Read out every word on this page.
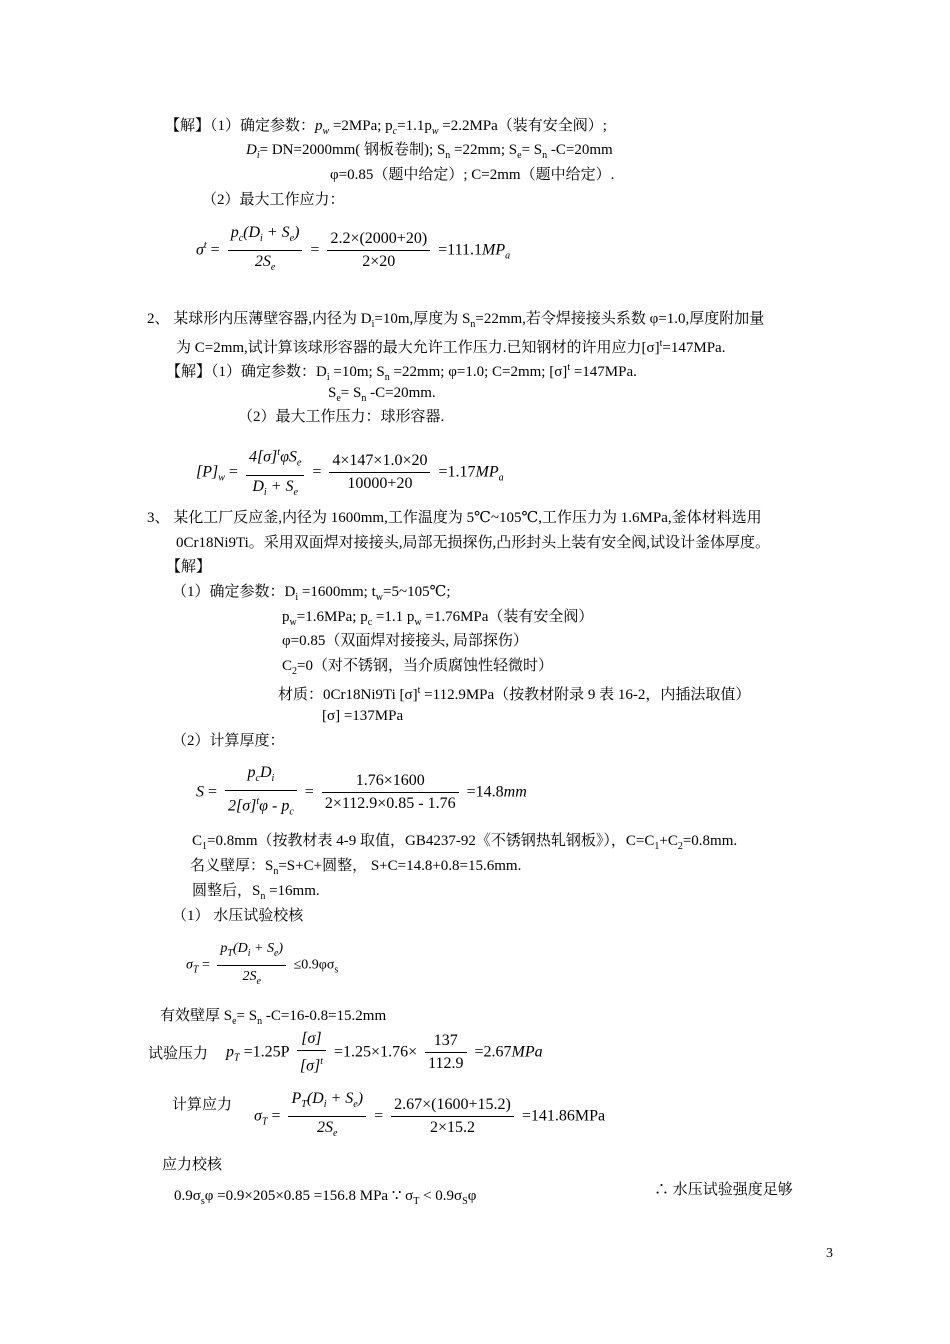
【解】（1）确定参数：$p_w =2MPa$; $p_c=1.1p_w =2.2MPa$（装有安全阀）;
$D_i= DN=2000mm$( 钢板卷制); $S_n =22mm$; $S_e= S_n$ -C=20mm
φ=0.85（题中给定）; C=2mm（题中给定）.
（2）最大工作应力：
$\sigma^t = \frac{p_c(D_i + S_e)}{2S_e} = \frac{2.2\times(2000+20)}{2\times 20} =111.1MP_a$
2、 某球形内压薄壁容器,内径为 $D_i=10m$,厚度为 $S_n=22mm$,若令焊接接头系数 φ=1.0,厚度附加量
为 C=2mm,试计算该球形容器的最大允许工作压力.已知钢材的许用应力$[\sigma]^t=147MPa$.
【解】（1）确定参数：$D_i =10m$; $S_n =22mm$; φ=1.0; C=2mm; $[\sigma]^t =147MPa$.
$S_e= S_n$ -C=20mm.
（2）最大工作压力：球形容器.
$[P]_w = \frac{4[\sigma]^t\varphi S_e}{D_i + S_e} = \frac{4\times 147\times 1.0\times 20}{10000+20} =1.17MP_a$
3、 某化工厂反应釜,内径为 1600mm,工作温度为 5℃~105℃,工作压力为 1.6MPa,釜体材料选用
0Cr18Ni9Ti。采用双面焊对接接头,局部无损探伤,凸形封头上装有安全阀,试设计釜体厚度。
【解】
（1）确定参数：$D_i =1600mm$; $t_w=5\sim 105℃$;
$p_w=1.6MPa$; $p_c =1.1$ $p_w =1.76MPa$（装有安全阀）
φ=0.85（双面焊对接接头, 局部探伤）
$C_2=0$（对不锈钢，当介质腐蚀性轻微时）
材质：0Cr18Ni9Ti $[\sigma]^t =112.9MPa$（按教材附录 9 表 16-2，内插法取值）
[σ] =137MPa
（2）计算厚度：
$S = \frac{p_cD_i}{2[\sigma]^t\varphi - p_c} = \frac{1.76\times 1600}{2\times 112.9\times 0.85 - 1.76} =14.8mm$
$C_1=0.8mm$（按教材表 4-9 取值，GB4237-92《不锈钢热轧钢板》），$C=C_1+C_2=0.8mm$.
名义壁厚：$S_n=S+C+$圆整， S+C=14.8+0.8=15.6mm.
圆整后，$S_n =16mm$.
（1） 水压试验校核
$\sigma_T = \frac{p_T(D_i + S_e)}{2S_e} \le 0.9\varphi\sigma_s$
有效壁厚 $S_e= S_n$ -C=16-0.8=15.2mm
试验压力 $p_T =1.25P \frac{[\sigma]}{[\sigma]^t} =1.25\times 1.76\times \frac{137}{112.9} =2.67MPa$
计算应力
$\sigma_T = \frac{P_T(D_i + S_e)}{2S_e} = \frac{2.67\times(1600+15.2)}{2\times 15.2} =141.86MPa$
应力校核
$0.9\sigma_s\varphi =0.9\times 205\times 0.85 =156.8$ MPa ∵ $\sigma_T < 0.9\sigma_S\varphi$	∴ 水压试验强度足够
3
